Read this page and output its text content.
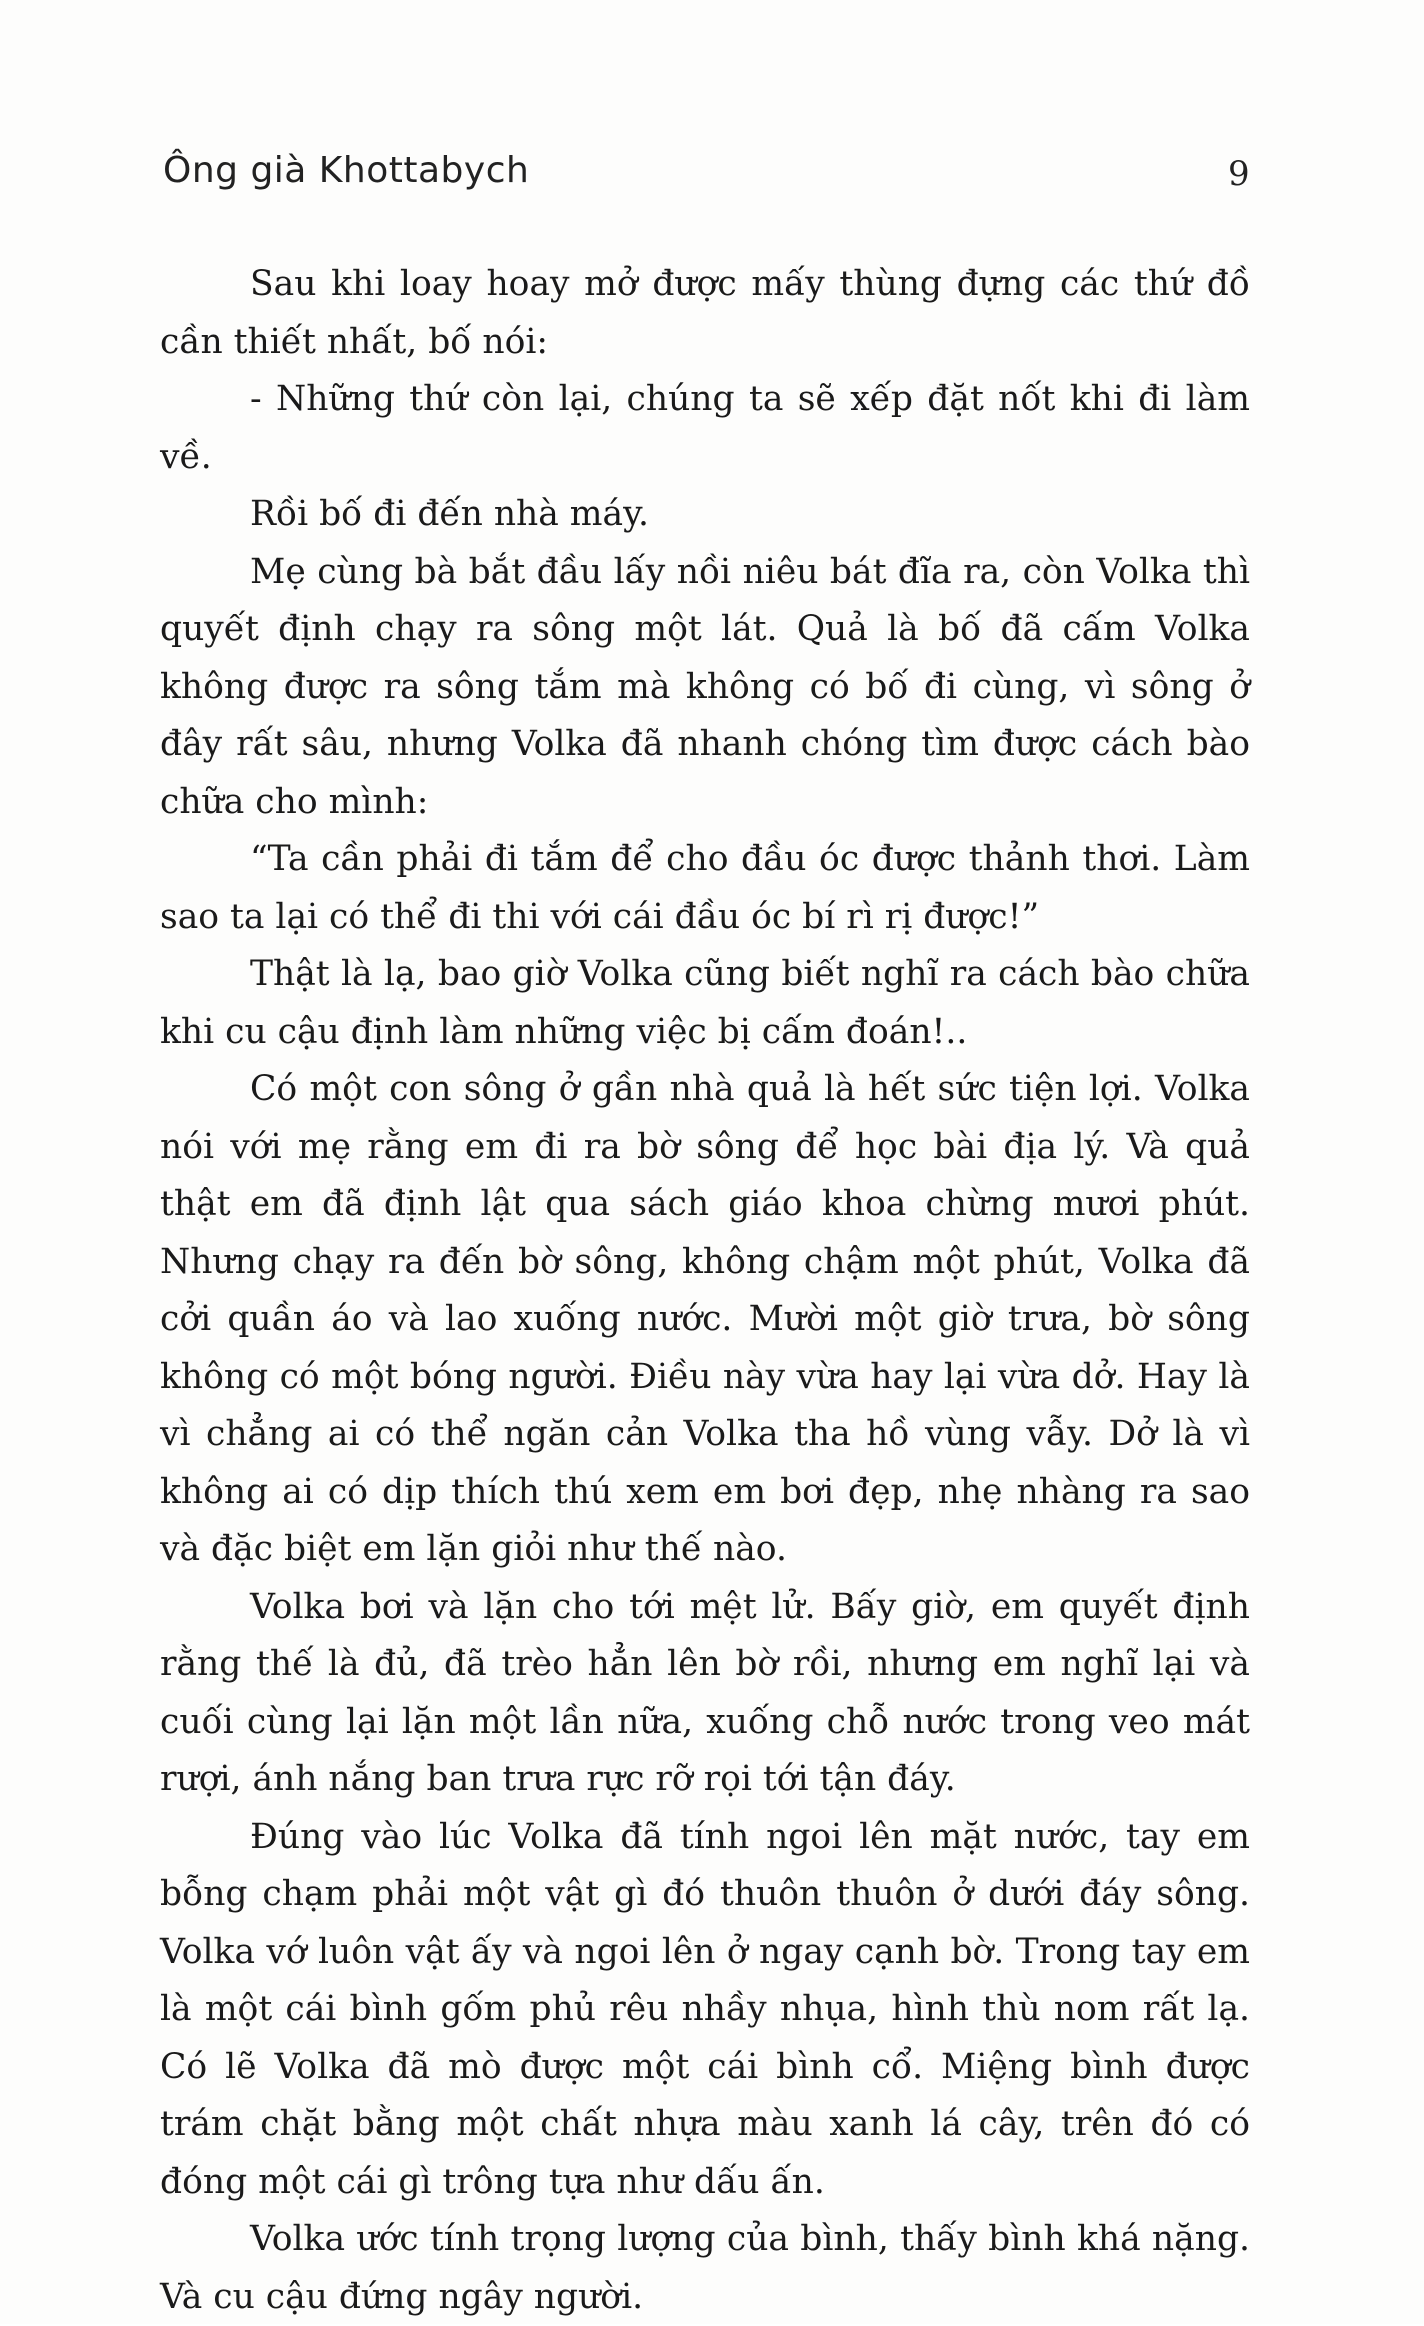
Ông già Khottabych	9

Sau khi loay hoay mở được mấy thùng đựng các thứ đồ cần thiết nhất, bố nói:

- Những thứ còn lại, chúng ta sẽ xếp đặt nốt khi đi làm về.

Rồi bố đi đến nhà máy.

Mẹ cùng bà bắt đầu lấy nồi niêu bát đĩa ra, còn Volka thì quyết định chạy ra sông một lát. Quả là bố đã cấm Volka không được ra sông tắm mà không có bố đi cùng, vì sông ở đây rất sâu, nhưng Volka đã nhanh chóng tìm được cách bào chữa cho mình:

“Ta cần phải đi tắm để cho đầu óc được thảnh thơi. Làm sao ta lại có thể đi thi với cái đầu óc bí rì rị được!”

Thật là lạ, bao giờ Volka cũng biết nghĩ ra cách bào chữa khi cu cậu định làm những việc bị cấm đoán!..

Có một con sông ở gần nhà quả là hết sức tiện lợi. Volka nói với mẹ rằng em đi ra bờ sông để học bài địa lý. Và quả thật em đã định lật qua sách giáo khoa chừng mươi phút. Nhưng chạy ra đến bờ sông, không chậm một phút, Volka đã cởi quần áo và lao xuống nước. Mười một giờ trưa, bờ sông không có một bóng người. Điều này vừa hay lại vừa dở. Hay là vì chẳng ai có thể ngăn cản Volka tha hồ vùng vẫy. Dở là vì không ai có dịp thích thú xem em bơi đẹp, nhẹ nhàng ra sao và đặc biệt em lặn giỏi như thế nào.

Volka bơi và lặn cho tới mệt lử. Bấy giờ, em quyết định rằng thế là đủ, đã trèo hẳn lên bờ rồi, nhưng em nghĩ lại và cuối cùng lại lặn một lần nữa, xuống chỗ nước trong veo mát rượi, ánh nắng ban trưa rực rỡ rọi tới tận đáy.

Đúng vào lúc Volka đã tính ngoi lên mặt nước, tay em bỗng chạm phải một vật gì đó thuôn thuôn ở dưới đáy sông. Volka vớ luôn vật ấy và ngoi lên ở ngay cạnh bờ. Trong tay em là một cái bình gốm phủ rêu nhầy nhụa, hình thù nom rất lạ. Có lẽ Volka đã mò được một cái bình cổ. Miệng bình được trám chặt bằng một chất nhựa màu xanh lá cây, trên đó có đóng một cái gì trông tựa như dấu ấn.

Volka ước tính trọng lượng của bình, thấy bình khá nặng. Và cu cậu đứng ngây người.
